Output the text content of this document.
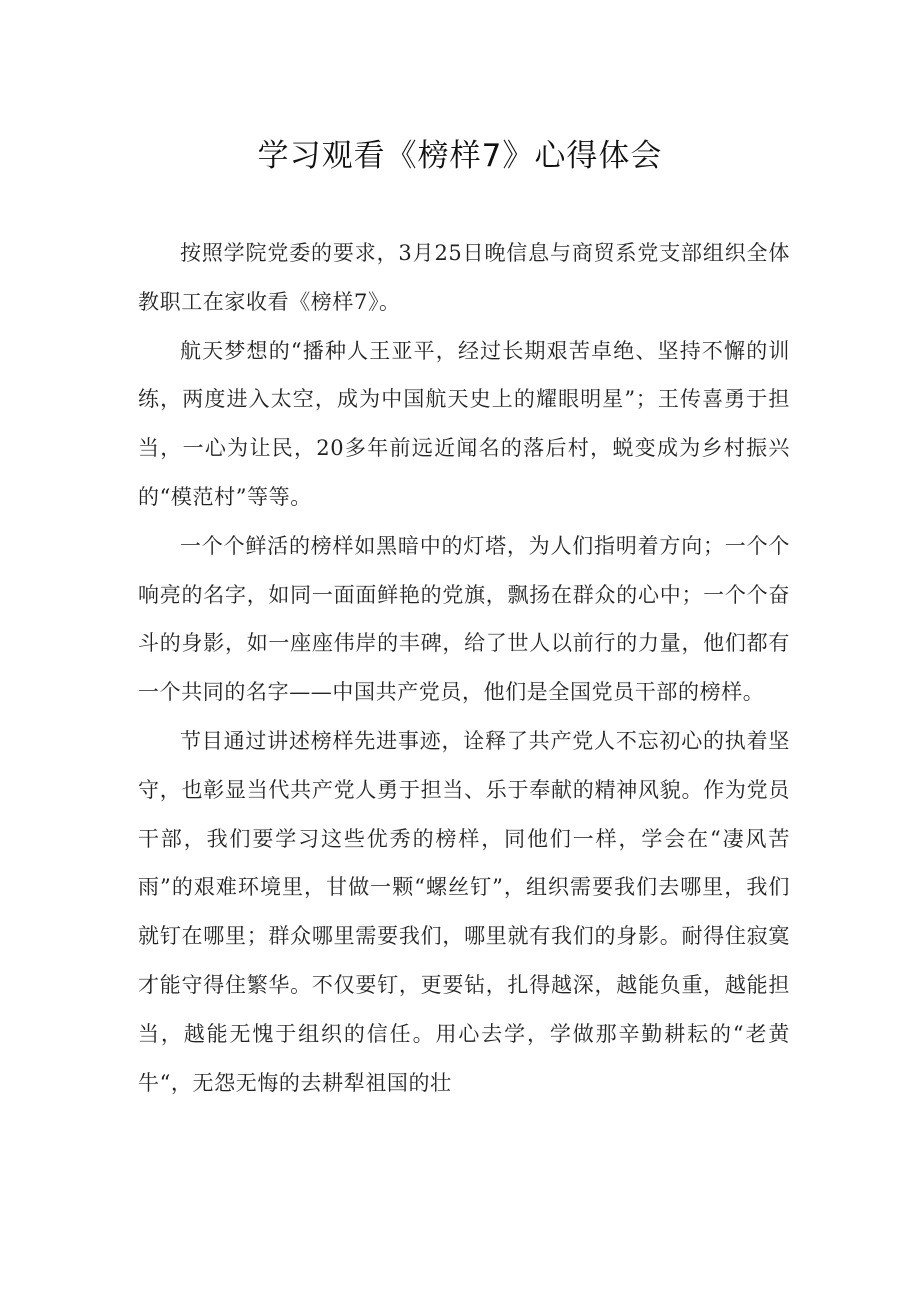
学习观看《榜样7》心得体会

按照学院党委的要求，3月25日晚信息与商贸系党支部组织全体教职工在家收看《榜样7》。

航天梦想的“播种人王亚平，经过长期艰苦卓绝、坚持不懈的训练，两度进入太空，成为中国航天史上的耀眼明星”；王传喜勇于担当，一心为让民，20多年前远近闻名的落后村，蜕变成为乡村振兴的“模范村”等等。

一个个鲜活的榜样如黑暗中的灯塔，为人们指明着方向；一个个响亮的名字，如同一面面鲜艳的党旗，飘扬在群众的心中；一个个奋斗的身影，如一座座伟岸的丰碑，给了世人以前行的力量，他们都有一个共同的名字——中国共产党员，他们是全国党员干部的榜样。

节目通过讲述榜样先进事迹，诠释了共产党人不忘初心的执着坚守，也彰显当代共产党人勇于担当、乐于奉献的精神风貌。作为党员干部，我们要学习这些优秀的榜样，同他们一样，学会在“凄风苦雨”的艰难环境里，甘做一颗“螺丝钉”，组织需要我们去哪里，我们就钉在哪里；群众哪里需要我们，哪里就有我们的身影。耐得住寂寞才能守得住繁华。不仅要钉，更要钻，扎得越深，越能负重，越能担当，越能无愧于组织的信任。用心去学，学做那辛勤耕耘的“老黄牛“，无怨无悔的去耕犁祖国的壮
